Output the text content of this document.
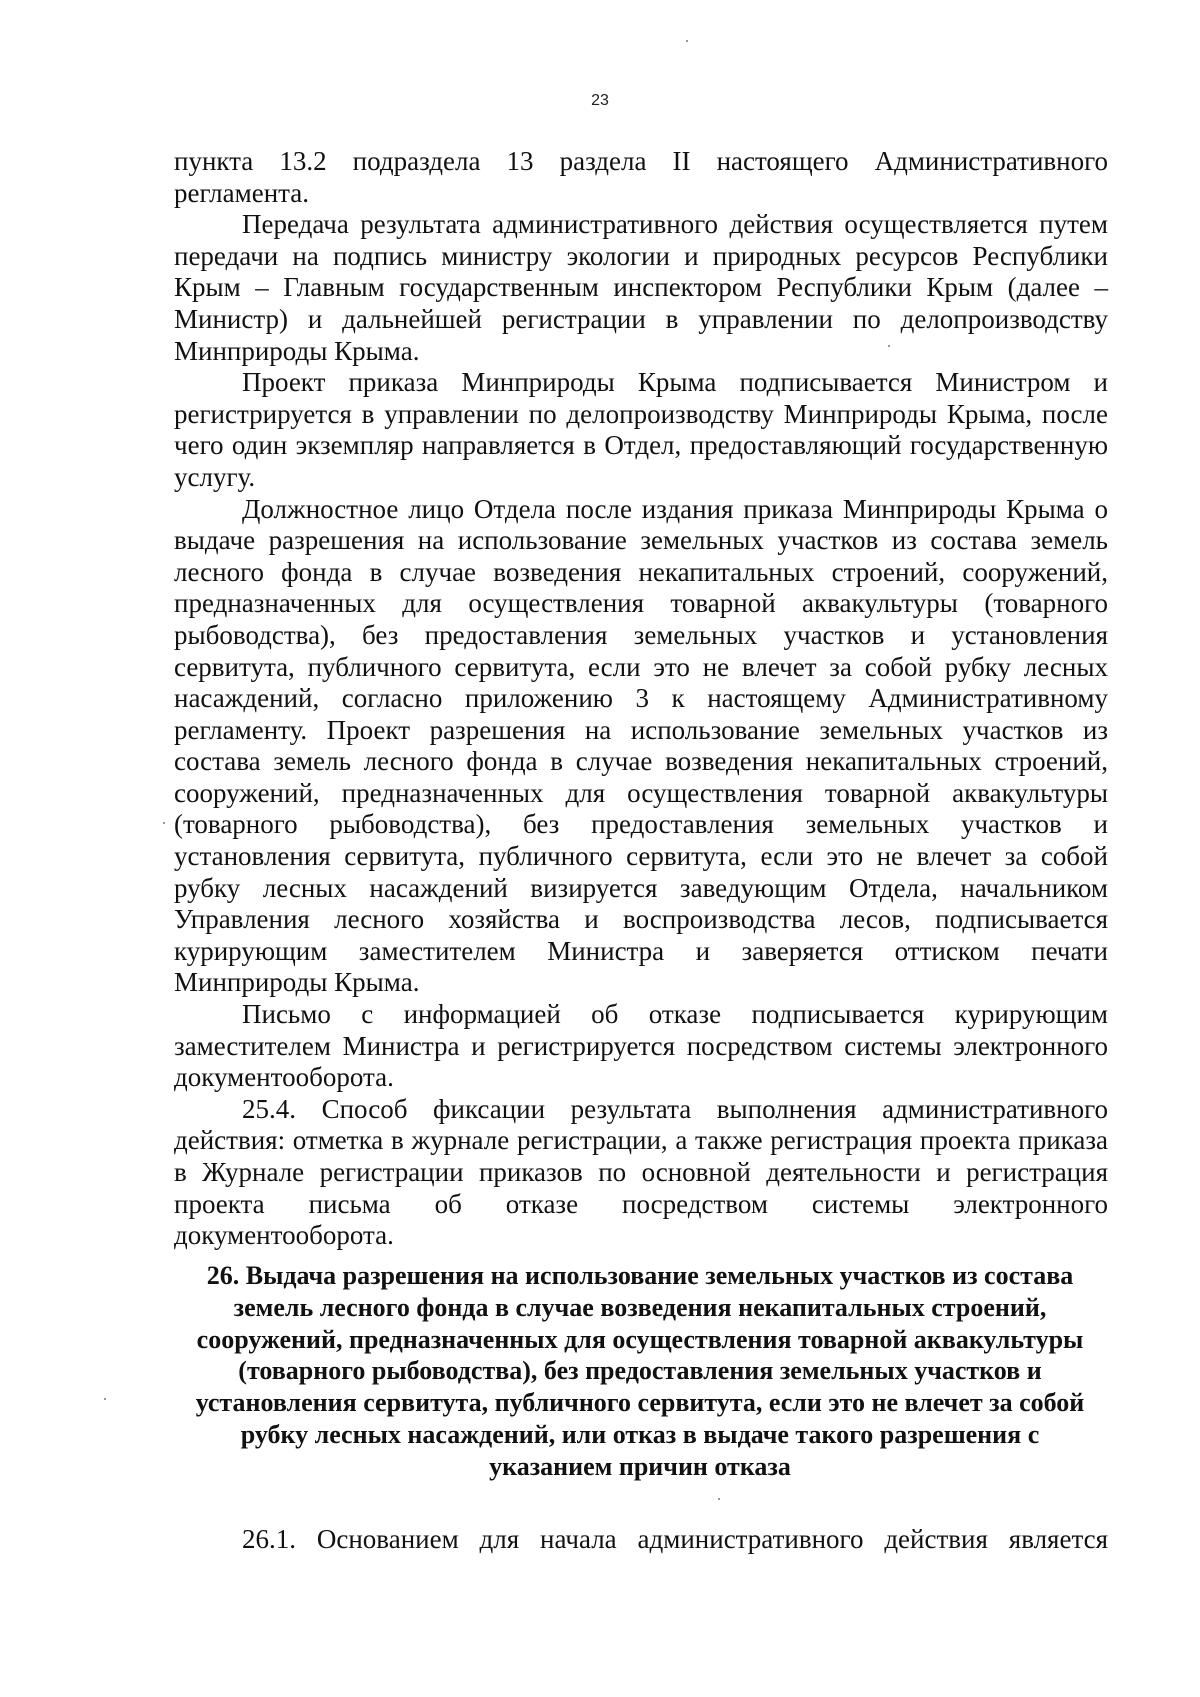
23

пункта 13.2 подраздела 13 раздела II настоящего Административного регламента.

Передача результата административного действия осуществляется путем передачи на подпись министру экологии и природных ресурсов Республики Крым – Главным государственным инспектором Республики Крым (далее – Министр) и дальнейшей регистрации в управлении по делопроизводству Минприроды Крыма.

Проект приказа Минприроды Крыма подписывается Министром и регистрируется в управлении по делопроизводству Минприроды Крыма, после чего один экземпляр направляется в Отдел, предоставляющий государственную услугу.

Должностное лицо Отдела после издания приказа Минприроды Крыма о выдаче разрешения на использование земельных участков из состава земель лесного фонда в случае возведения некапитальных строений, сооружений, предназначенных для осуществления товарной аквакультуры (товарного рыбоводства), без предоставления земельных участков и установления сервитута, публичного сервитута, если это не влечет за собой рубку лесных насаждений, согласно приложению 3 к настоящему Административному регламенту. Проект разрешения на использование земельных участков из состава земель лесного фонда в случае возведения некапитальных строений, сооружений, предназначенных для осуществления товарной аквакультуры (товарного рыбоводства), без предоставления земельных участков и установления сервитута, публичного сервитута, если это не влечет за собой рубку лесных насаждений визируется заведующим Отдела, начальником Управления лесного хозяйства и воспроизводства лесов, подписывается курирующим заместителем Министра и заверяется оттиском печати Минприроды Крыма.

Письмо с информацией об отказе подписывается курирующим заместителем Министра и регистрируется посредством системы электронного документооборота.

25.4. Способ фиксации результата выполнения административного действия: отметка в журнале регистрации, а также регистрация проекта приказа в Журнале регистрации приказов по основной деятельности и регистрация проекта письма об отказе посредством системы электронного документооборота.

26. Выдача разрешения на использование земельных участков из состава земель лесного фонда в случае возведения некапитальных строений, сооружений, предназначенных для осуществления товарной аквакультуры (товарного рыбоводства), без предоставления земельных участков и установления сервитута, публичного сервитута, если это не влечет за собой рубку лесных насаждений, или отказ в выдаче такого разрешения с указанием причин отказа

26.1. Основанием для начала административного действия является
